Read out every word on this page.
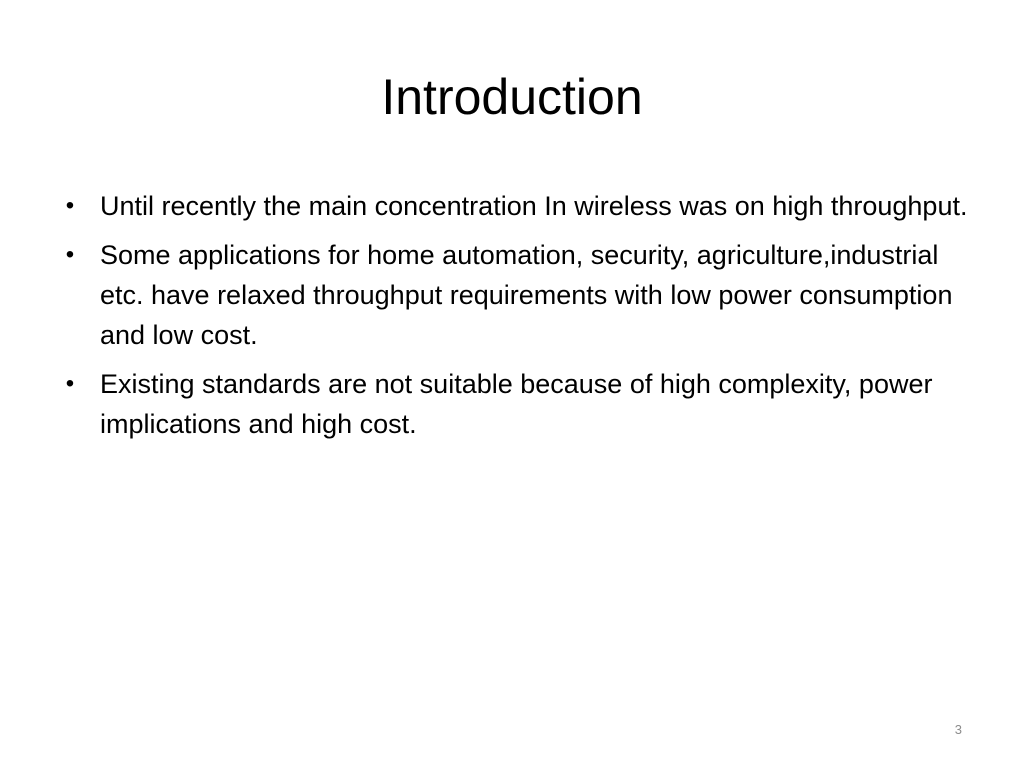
Introduction
• Until recently the main concentration In wireless was on high throughput.
• Some applications for home automation, security, agriculture,industrial etc. have relaxed throughput requirements with low power consumption and low cost.
• Existing standards are not suitable because of high complexity, power implications and high cost.
3
